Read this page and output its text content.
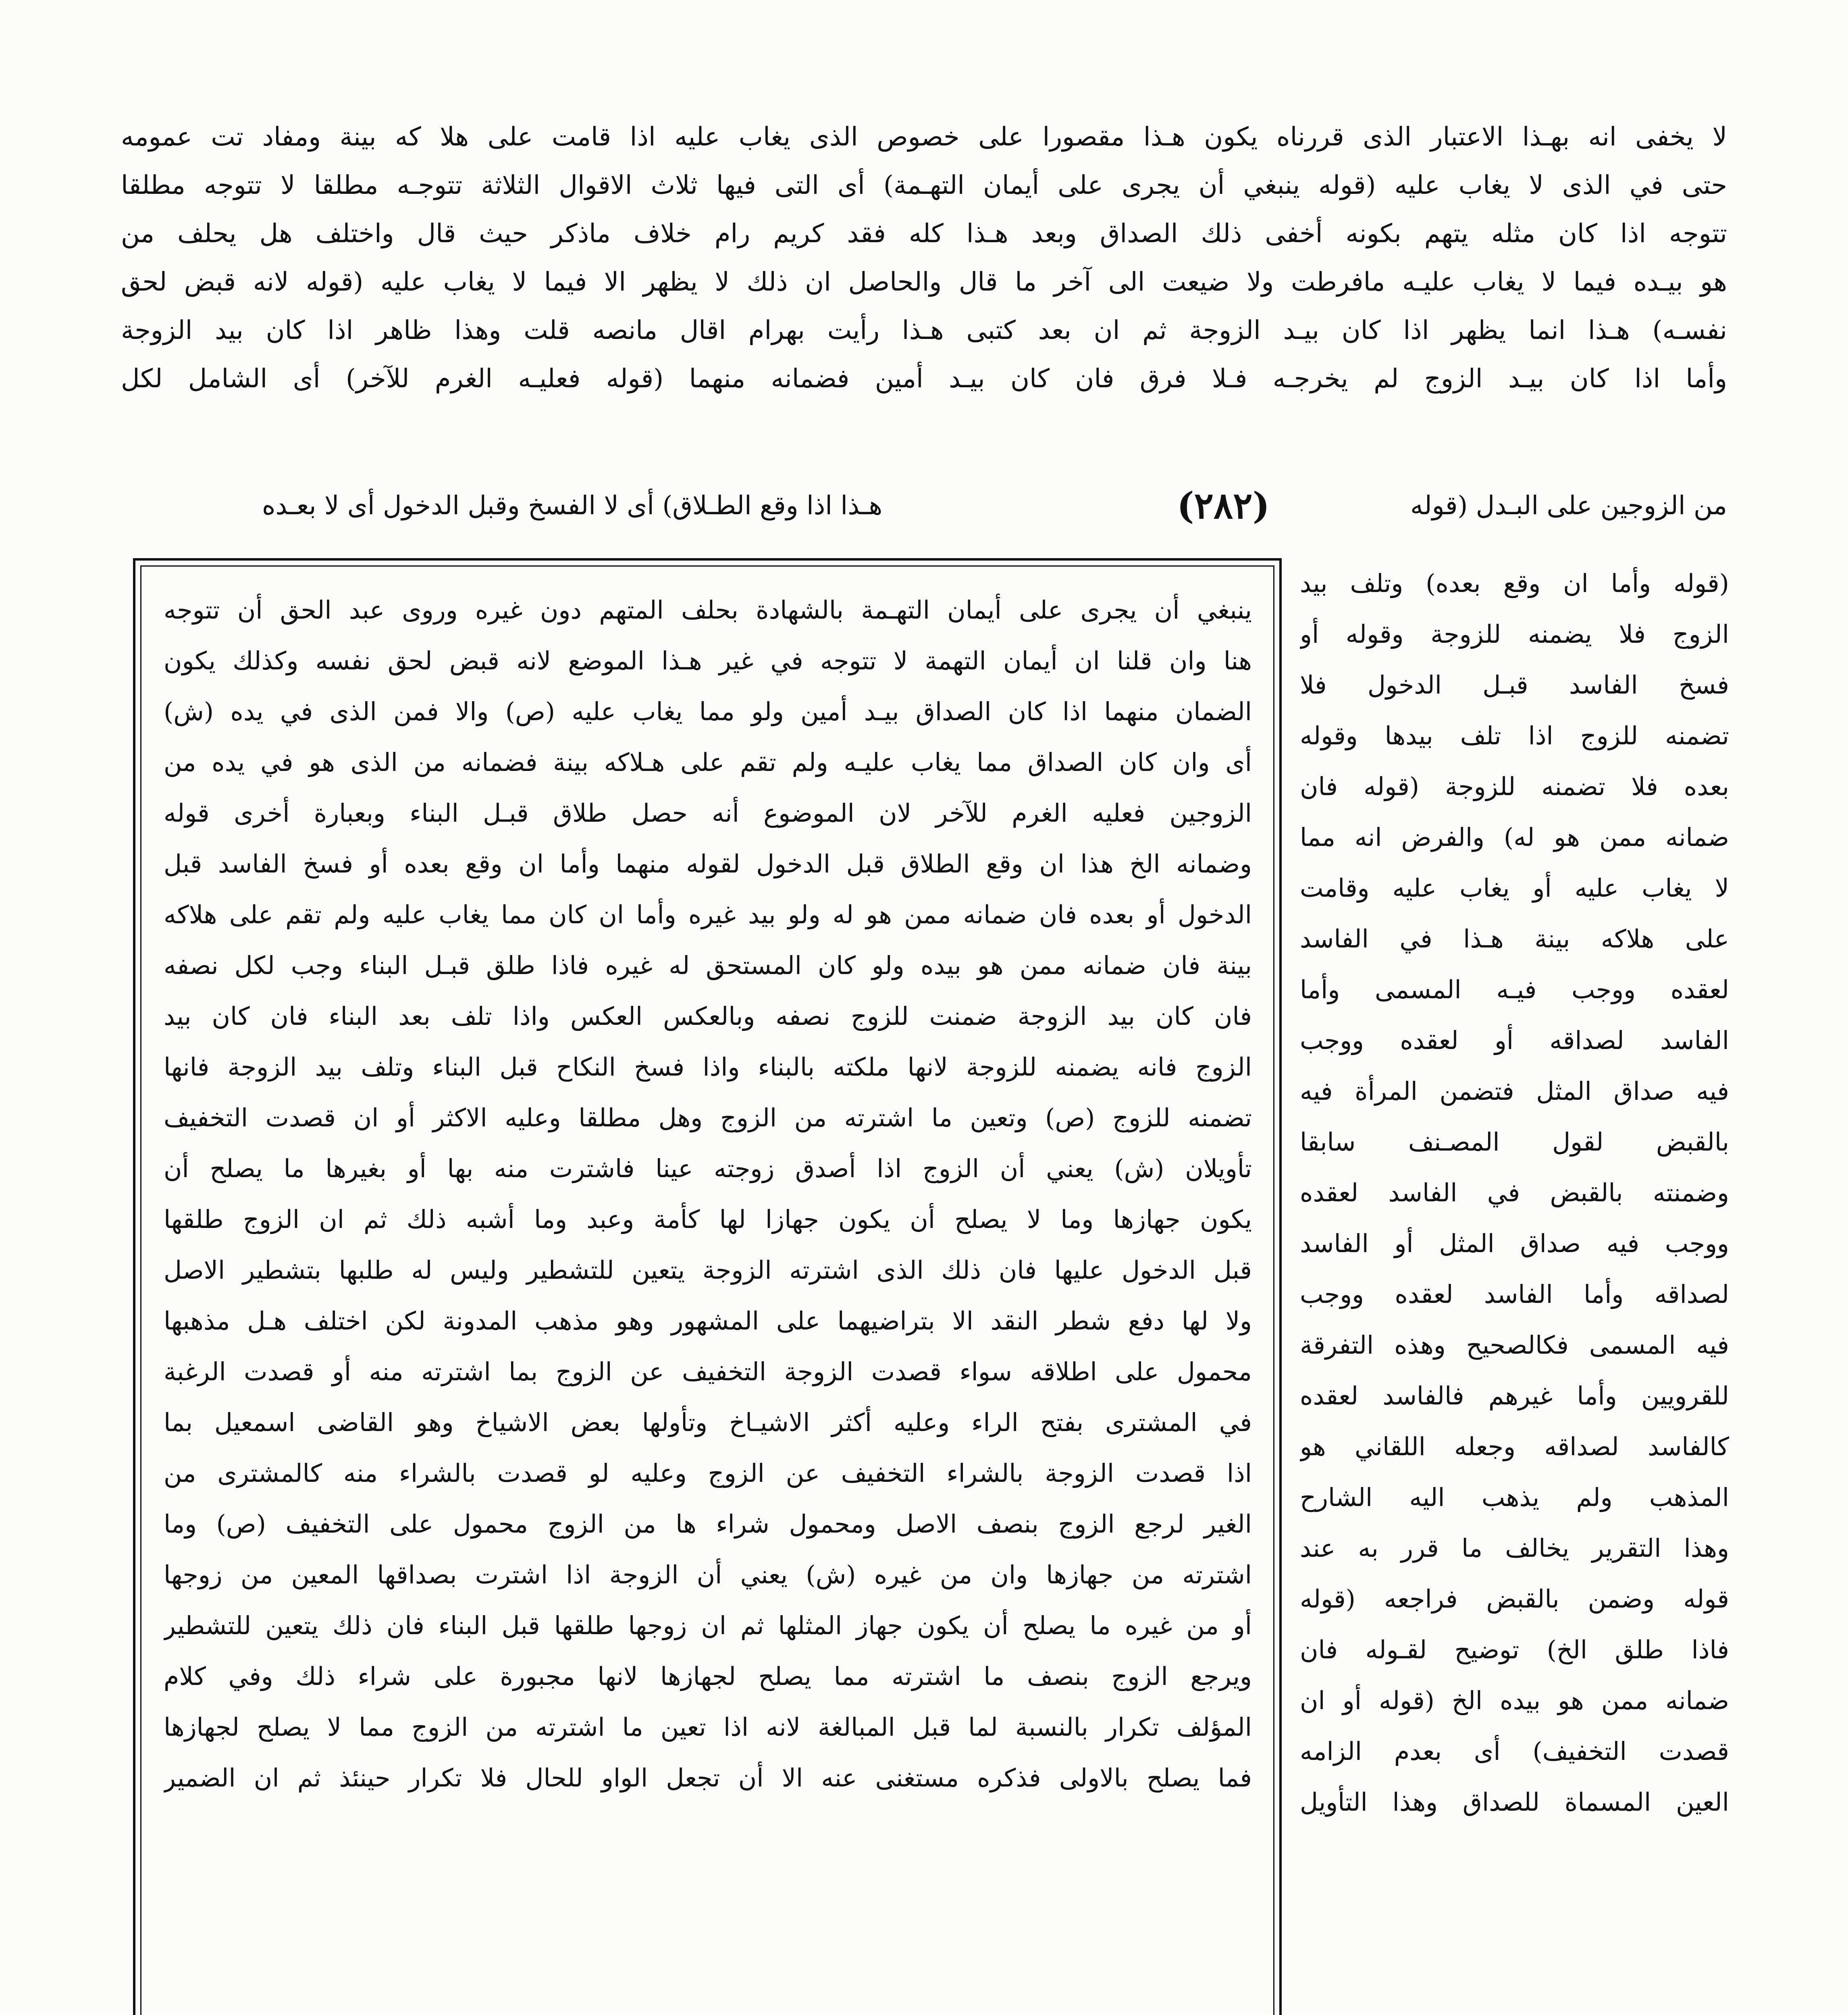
لا يخفى انه بهـذا الاعتبار الذى قررناه يكون هـذا مقصورا على خصوص الذى يغاب عليه اذا قامت على هلا كه بينة ومفاد تت عمومه
حتى في الذى لا يغاب عليه (قوله ينبغي أن يجرى على أيمان التهـمة) أى التى فيها ثلاث الاقوال الثلاثة تتوجـه مطلقا لا تتوجه مطلقا
تتوجه اذا كان مثله يتهم بكونه أخفى ذلك الصداق وبعد هـذا كله فقد كريم رام خلاف ماذكر حيث قال واختلف هل يحلف من
هو بيـده فيما لا يغاب عليـه مافرطت ولا ضيعت الى آخر ما قال والحاصل ان ذلك لا يظهر الا فيما لا يغاب عليه (قوله لانه قبض لحق
نفسـه) هـذا انما يظهر اذا كان بيـد الزوجة ثم ان بعد كتبى هـذا رأيت بهرام اقال مانصه قلت وهذا ظاهر اذا كان بيد الزوجة
وأما اذا كان بيـد الزوج لم يخرجـه فـلا فرق فان كان بيـد أمين فضمانه منهما (قوله فعليـه الغرم للآخر) أى الشامل لكل
من الزوجين على البـدل (قوله
(٢٨٢)
هـذا اذا وقع الطـلاق) أى لا الفسخ وقبل الدخول أى لا بعـده
ينبغي أن يجرى على أيمان التهـمة بالشهادة بحلف المتهم دون غيره وروى عبد الحق أن تتوجه
هنا وان قلنا ان أيمان التهمة لا تتوجه في غير هـذا الموضع لانه قبض لحق نفسه وكذلك يكون
الضمان منهما اذا كان الصداق بيـد أمين ولو مما يغاب عليه (ص) والا فمن الذى في يده (ش)
أى وان كان الصداق مما يغاب عليـه ولم تقم على هـلاكه بينة فضمانه من الذى هو في يده من
الزوجين فعليه الغرم للآخر لان الموضوع أنه حصل طلاق قبـل البناء وبعبارة أخرى قوله
وضمانه الخ هذا ان وقع الطلاق قبل الدخول لقوله منهما وأما ان وقع بعده أو فسخ الفاسد قبل
الدخول أو بعده فان ضمانه ممن هو له ولو بيد غيره وأما ان كان مما يغاب عليه ولم تقم على هلاكه
بينة فان ضمانه ممن هو بيده ولو كان المستحق له غيره فاذا طلق قبـل البناء وجب لكل نصفه
فان كان بيد الزوجة ضمنت للزوج نصفه وبالعكس العكس واذا تلف بعد البناء فان كان بيد
الزوج فانه يضمنه للزوجة لانها ملكته بالبناء واذا فسخ النكاح قبل البناء وتلف بيد الزوجة فانها
تضمنه للزوج (ص) وتعين ما اشترته من الزوج وهل مطلقا وعليه الاكثر أو ان قصدت التخفيف
تأويلان (ش) يعني أن الزوج اذا أصدق زوجته عينا فاشترت منه بها أو بغيرها ما يصلح أن
يكون جهازها وما لا يصلح أن يكون جهازا لها كأمة وعبد وما أشبه ذلك ثم ان الزوج طلقها
قبل الدخول عليها فان ذلك الذى اشترته الزوجة يتعين للتشطير وليس له طلبها بتشطير الاصل
ولا لها دفع شطر النقد الا بتراضيهما على المشهور وهو مذهب المدونة لكن اختلف هـل مذهبها
محمول على اطلاقه سواء قصدت الزوجة التخفيف عن الزوج بما اشترته منه أو قصدت الرغبة
في المشترى بفتح الراء وعليه أكثر الاشيـاخ وتأولها بعض الاشياخ وهو القاضى اسمعيل بما
اذا قصدت الزوجة بالشراء التخفيف عن الزوج وعليه لو قصدت بالشراء منه كالمشترى من
الغير لرجع الزوج بنصف الاصل ومحمول شراء ها من الزوج محمول على التخفيف (ص) وما
اشترته من جهازها وان من غيره (ش) يعني أن الزوجة اذا اشترت بصداقها المعين من زوجها
أو من غيره ما يصلح أن يكون جهاز المثلها ثم ان زوجها طلقها قبل البناء فان ذلك يتعين للتشطير
ويرجع الزوج بنصف ما اشترته مما يصلح لجهازها لانها مجبورة على شراء ذلك وفي كلام
المؤلف تكرار بالنسبة لما قبل المبالغة لانه اذا تعين ما اشترته من الزوج مما لا يصلح لجهازها
فما يصلح بالاولى فذكره مستغنى عنه الا أن تجعل الواو للحال فلا تكرار حينئذ ثم ان الضمير
(قوله وأما ان وقع بعده) وتلف بيد
الزوج فلا يضمنه للزوجة وقوله أو
فسخ الفاسد قبـل الدخول فلا
تضمنه للزوج اذا تلف بيدها وقوله
بعده فلا تضمنه للزوجة (قوله فان
ضمانه ممن هو له) والفرض انه مما
لا يغاب عليه أو يغاب عليه وقامت
على هلاكه بينة هـذا في الفاسد
لعقده ووجب فيـه المسمى وأما
الفاسد لصداقه أو لعقده ووجب
فيه صداق المثل فتضمن المرأة فيه
بالقبض لقول المصـنف سابقا
وضمنته بالقبض في الفاسد لعقده
ووجب فيه صداق المثل أو الفاسد
لصداقه وأما الفاسد لعقده ووجب
فيه المسمى فكالصحيح وهذه التفرقة
للقرويين وأما غيرهم فالفاسد لعقده
كالفاسد لصداقه وجعله اللقاني هو
المذهب ولم يذهب اليه الشارح
وهذا التقرير يخالف ما قرر به عند
قوله وضمن بالقبض فراجعه (قوله
فاذا طلق الخ) توضيح لقـوله فان
ضمانه ممن هو بيده الخ (قوله أو ان
قصدت التخفيف) أى بعدم الزامه
العين المسماة للصداق وهذا التأويل
